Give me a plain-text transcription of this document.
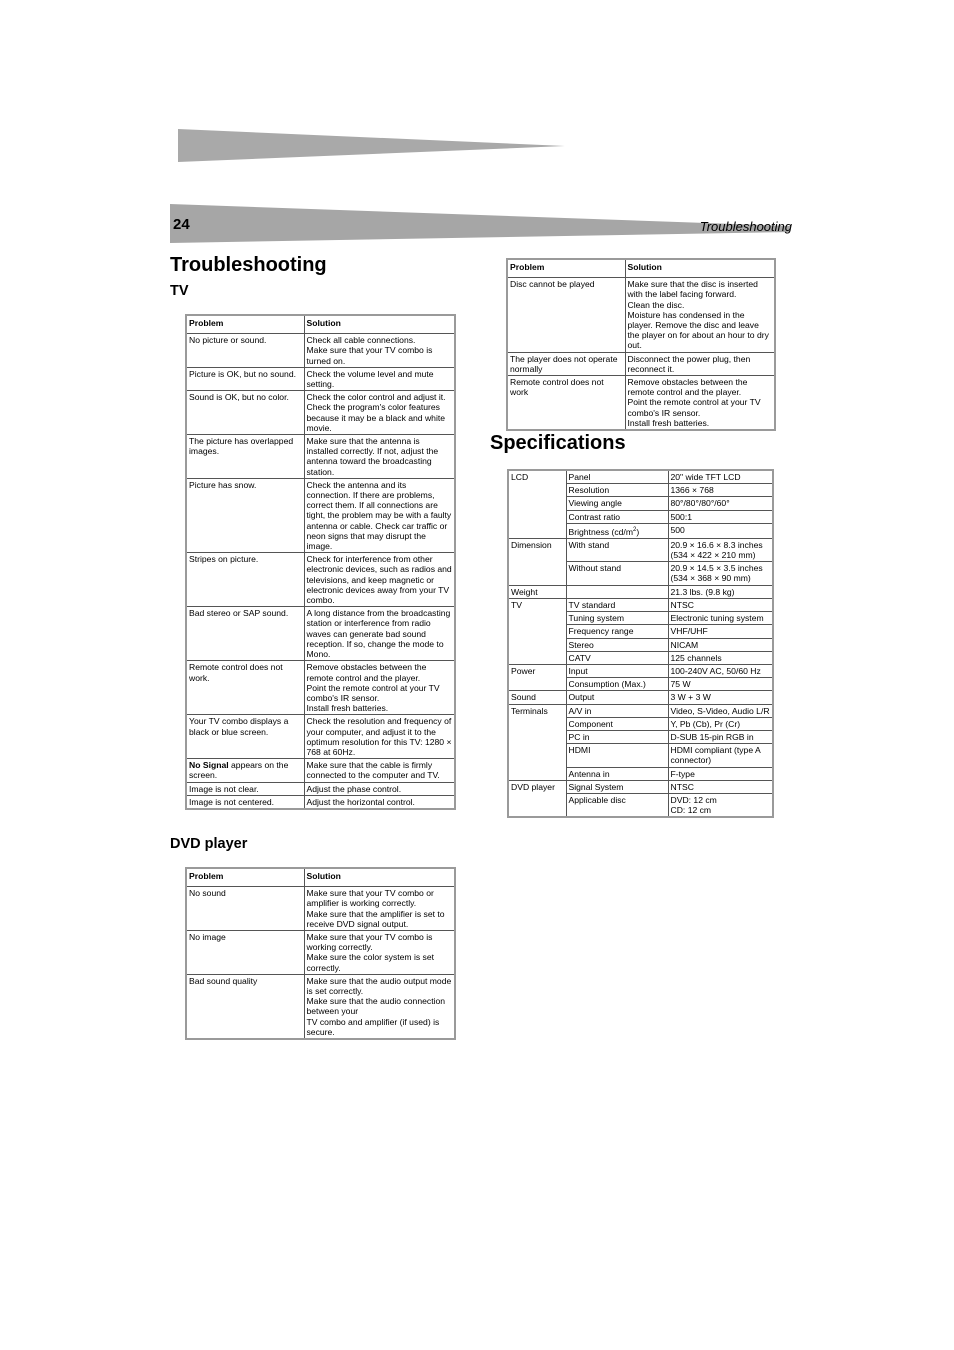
24	Troubleshooting
Troubleshooting
TV
Problem	Solution

No picture or sound.	Check all cable connections.
Make sure that your TV combo is turned on.

Picture is OK, but no sound.	Check the volume level and mute setting.

Sound is OK, but no color.	Check the color control and adjust it. Check the program's color features because it may be a black and white movie.

The picture has overlapped images.	Make sure that the antenna is installed correctly. If not, adjust the antenna toward the broadcasting station.

Picture has snow.	Check the antenna and its connection. If there are problems, correct them. If all connections are tight, the problem may be with a faulty antenna or cable. Check car traffic or neon signs that may disrupt the image.

Stripes on picture.	Check for interference from other electronic devices, such as radios and televisions, and keep magnetic or electronic devices away from your TV combo.

Bad stereo or SAP sound.	A long distance from the broadcasting station or interference from radio waves can generate bad sound reception. If so, change the mode to Mono.

Remote control does not work.	Remove obstacles between the remote control and the player.
Point the remote control at your TV combo's IR sensor.
Install fresh batteries.

Your TV combo displays a black or blue screen.	Check the resolution and frequency of your computer, and adjust it to the optimum resolution for this TV: 1280 × 768 at 60Hz.

No Signal appears on the screen.	Make sure that the cable is firmly connected to the computer and TV.

Image is not clear.	Adjust the phase control.

Image is not centered.	Adjust the horizontal control.
DVD player
Problem	Solution

No sound	Make sure that your TV combo or amplifier is working correctly.
Make sure that the amplifier is set to receive DVD signal output.

No image	Make sure that your TV combo is working correctly.
Make sure the color system is set correctly.

Bad sound quality	Make sure that the audio output mode is set correctly.
Make sure that the audio connection between your
TV combo and amplifier (if used) is secure.
Problem	Solution

Disc cannot be played	Make sure that the disc is inserted with the label facing forward.
Clean the disc.
Moisture has condensed in the player. Remove the disc and leave the player on for about an hour to dry out.

The player does not operate normally	Disconnect the power plug, then reconnect it.

Remote control does not work	Remove obstacles between the remote control and the player.
Point the remote control at your TV combo's IR sensor.
Install fresh batteries.
Specifications
LCD	Panel	20" wide TFT LCD

	Resolution	1366 × 768

	Viewing angle	80°/80°/80°/60°

	Contrast ratio	500:1

	Brightness $(cd/m^2)$	500

Dimension	With stand	20.9 × 16.6 × 8.3 inches
(534 × 422 × 210 mm)

	Without stand	20.9 × 14.5 × 3.5 inches
(534 × 368 × 90 mm)

Weight		21.3 lbs. (9.8 kg)

TV	TV standard	NTSC

	Tuning system	Electronic tuning system

	Frequency range	VHF/UHF

	Stereo	NICAM

	CATV	125 channels

Power	Input	100-240V AC, 50/60 Hz

	Consumption (Max.)	75 W

Sound	Output	3 W + 3 W

Terminals	A/V in	Video, S-Video, Audio L/R

	Component	Y, Pb (Cb), Pr (Cr)

	PC in	D-SUB 15-pin RGB in

	HDMI	HDMI compliant (type A connector)

	Antenna in	F-type

DVD player	Signal System	NTSC

	Applicable disc	DVD: 12 cm
CD: 12 cm
